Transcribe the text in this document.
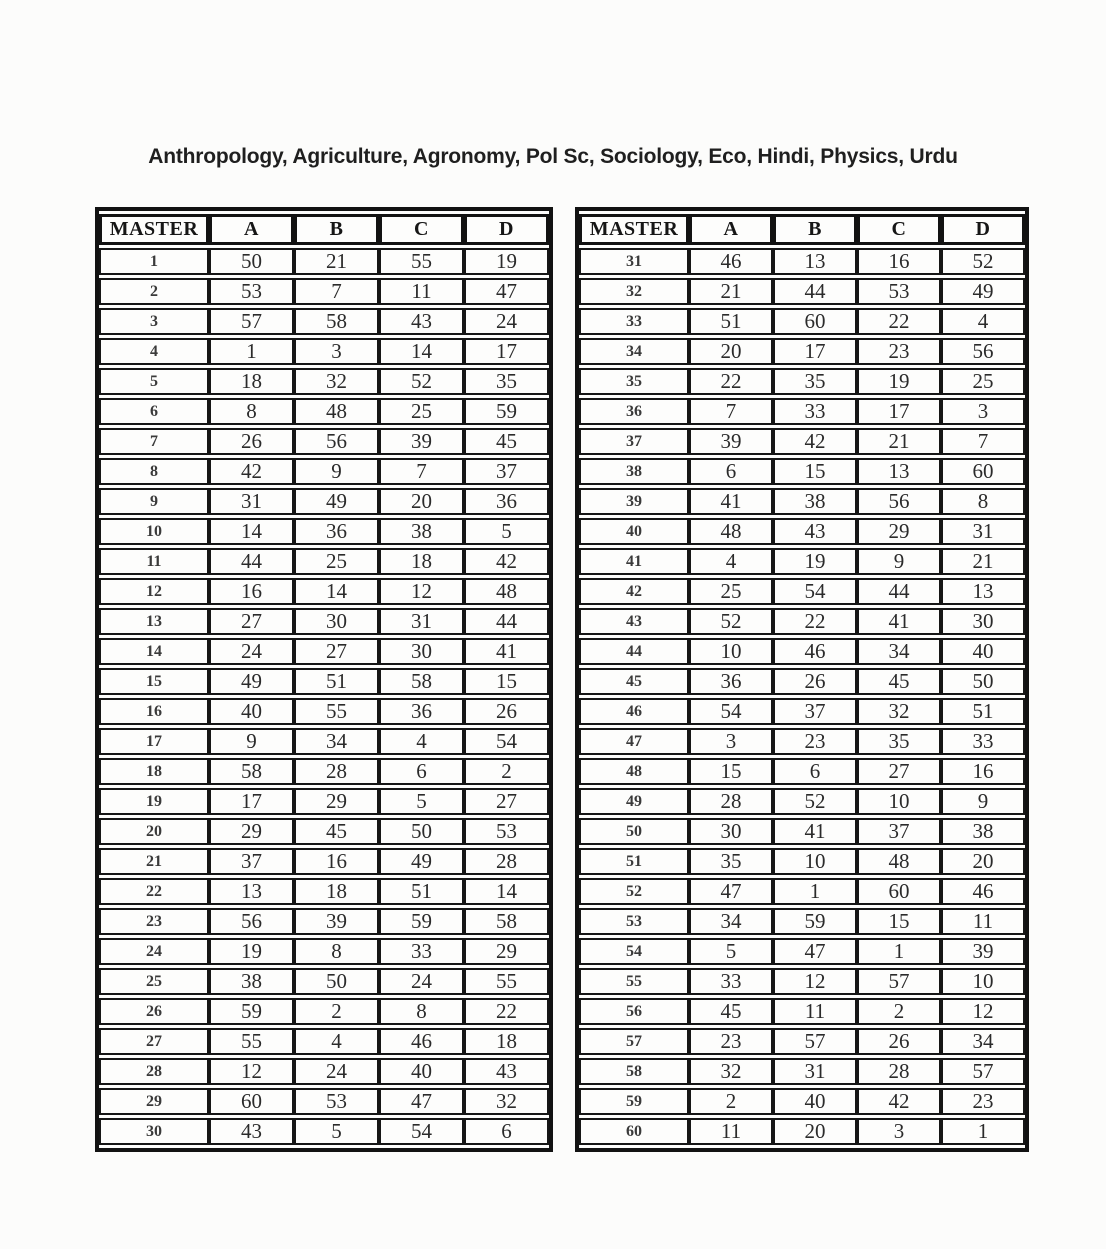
Anthropology, Agriculture, Agronomy, Pol Sc, Sociology, Eco, Hindi, Physics, Urdu
MASTER	A	B	C	D
1	50	21	55	19
2	53	7	11	47
3	57	58	43	24
4	1	3	14	17
5	18	32	52	35
6	8	48	25	59
7	26	56	39	45
8	42	9	7	37
9	31	49	20	36
10	14	36	38	5
11	44	25	18	42
12	16	14	12	48
13	27	30	31	44
14	24	27	30	41
15	49	51	58	15
16	40	55	36	26
17	9	34	4	54
18	58	28	6	2
19	17	29	5	27
20	29	45	50	53
21	37	16	49	28
22	13	18	51	14
23	56	39	59	58
24	19	8	33	29
25	38	50	24	55
26	59	2	8	22
27	55	4	46	18
28	12	24	40	43
29	60	53	47	32
30	43	5	54	6
MASTER	A	B	C	D
31	46	13	16	52
32	21	44	53	49
33	51	60	22	4
34	20	17	23	56
35	22	35	19	25
36	7	33	17	3
37	39	42	21	7
38	6	15	13	60
39	41	38	56	8
40	48	43	29	31
41	4	19	9	21
42	25	54	44	13
43	52	22	41	30
44	10	46	34	40
45	36	26	45	50
46	54	37	32	51
47	3	23	35	33
48	15	6	27	16
49	28	52	10	9
50	30	41	37	38
51	35	10	48	20
52	47	1	60	46
53	34	59	15	11
54	5	47	1	39
55	33	12	57	10
56	45	11	2	12
57	23	57	26	34
58	32	31	28	57
59	2	40	42	23
60	11	20	3	1
